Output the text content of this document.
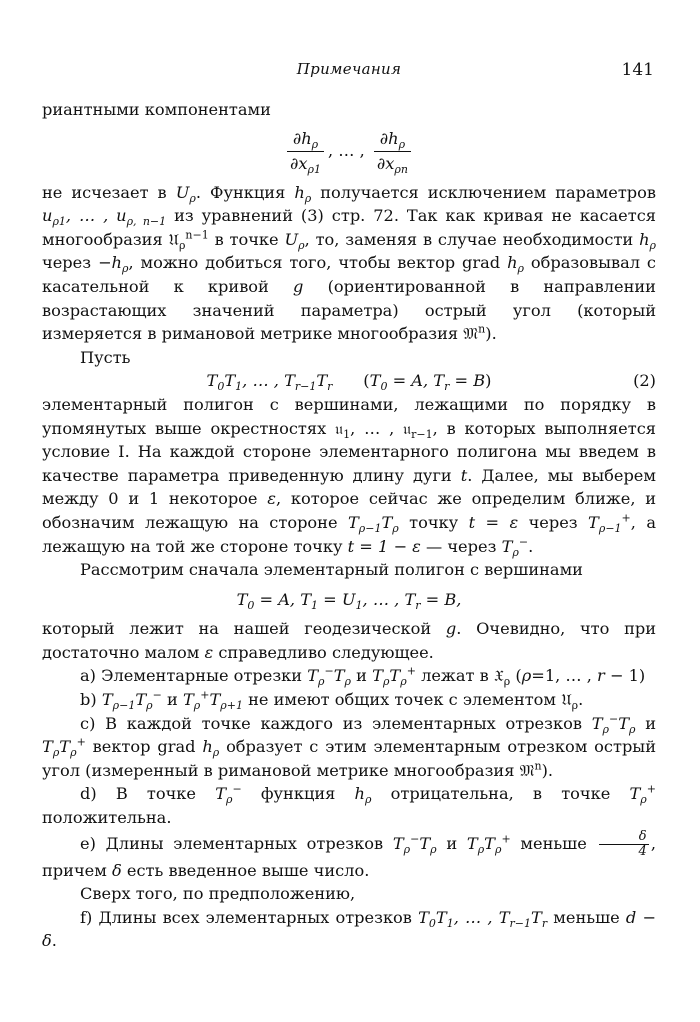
Примечания	141

риантными компонентами

$\frac{\partial h_\rho}{\partial x_{\rho 1}}$ , … , $\frac{\partial h_\rho}{\partial x_{\rho n}}$

не исчезает в $U_\rho$. Функция $h_\rho$ получается исключением параметров $u_{\rho 1}$, … , $u_{\rho, n-1}$ из уравнений (3) стр. 72. Так как кривая не касается многообразия 𝔘$_\rho^{n-1}$ в точке $U_\rho$, то, заменяя в случае необходимости $h_\rho$ через $-h_\rho$, можно добиться того, чтобы вектор grad $h_\rho$ образовывал с касательной к кривой g (ориентированной в направлении возрастающих значений параметра) острый угол (который измеряется в римановой метрике многообразия 𝔐$^n$).

Пусть

$T_0T_1$, … , $T_{r-1}T_r$      ($T_0 = A$, $T_r = B$)	(2)

элементарный полигон с вершинами, лежащими по порядку в упомянутых выше окрестностях 𝔲$_1$, … , 𝔲$_{r-1}$, в которых выполняется условие I. На каждой стороне элементарного полигона мы введем в качестве параметра приведенную длину дуги t. Далее, мы выберем между 0 и 1 некоторое ε, которое сейчас же определим ближе, и обозначим лежащую на стороне $T_{\rho-1}T_\rho$ точку t = ε через $T_{\rho-1}^+$, а лежащую на той же стороне точку t = 1 − ε — через $T_\rho^-$.

Рассмотрим сначала элементарный полигон с вершинами

$T_0 = A$, $T_1 = U_1$, … , $T_r = B$,

который лежит на нашей геодезической g. Очевидно, что при достаточно малом ε справедливо следующее.

a) Элементарные отрезки $T_\rho^-T_\rho$ и $T_\rho T_\rho^+$ лежат в 𝔛$_\rho$ (ρ=1, … , r − 1)

b) $T_{\rho-1}T_\rho^-$ и $T_\rho^+T_{\rho+1}$ не имеют общих точек с элементом 𝔘$_\rho$.

c) В каждой точке каждого из элементарных отрезков $T_\rho^-T_\rho$ и $T_\rho T_\rho^+$ вектор grad $h_\rho$ образует с этим элементарным отрезком острый угол (измеренный в римановой метрике многообразия 𝔐$^n$).

d) В точке $T_\rho^-$ функция $h_\rho$ отрицательна, в точке $T_\rho^+$ положительна.

e) Длины элементарных отрезков $T_\rho^-T_\rho$ и $T_\rho T_\rho^+$ меньше $\frac{\delta}{4}$ , причем δ есть введенное выше число.

Сверх того, по предположению,

f) Длины всех элементарных отрезков $T_0T_1$, … , $T_{r-1}T_r$ меньше d − δ.
